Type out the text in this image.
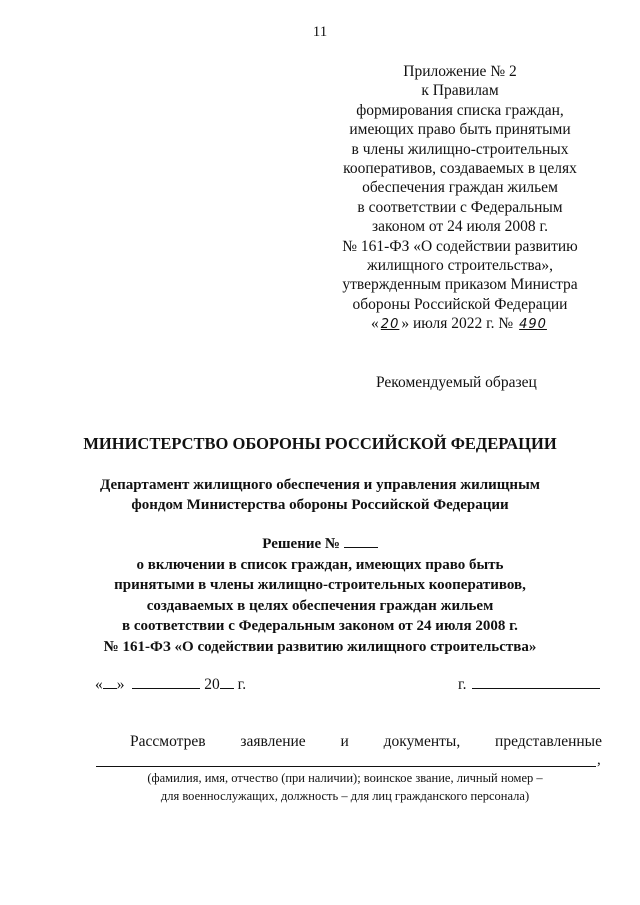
11
Приложение № 2
к Правилам
формирования списка граждан,
имеющих право быть принятыми
в члены жилищно-строительных
кооперативов, создаваемых в целях
обеспечения граждан жильем
в соответствии с Федеральным
законом от 24 июля 2008 г.
№ 161-ФЗ «О содействии развитию
жилищного строительства»,
утвержденным приказом Министра
обороны Российской Федерации
« 20 » июля 2022 г. № 490
Рекомендуемый образец
МИНИСТЕРСТВО ОБОРОНЫ РОССИЙСКОЙ ФЕДЕРАЦИИ
Департамент жилищного обеспечения и управления жилищным
фондом Министерства обороны Российской Федерации
Решение №
о включении в список граждан, имеющих право быть
принятыми в члены жилищно-строительных кооперативов,
создаваемых в целях обеспечения граждан жильем
в соответствии с Федеральным законом от 24 июля 2008 г.
№ 161-ФЗ «О содействии развитию жилищного строительства»
« »	20 г.	г.
Рассмотрев заявление и документы, представленные
,
(фамилия, имя, отчество (при наличии); воинское звание, личный номер –
для военнослужащих, должность – для лиц гражданского персонала)
